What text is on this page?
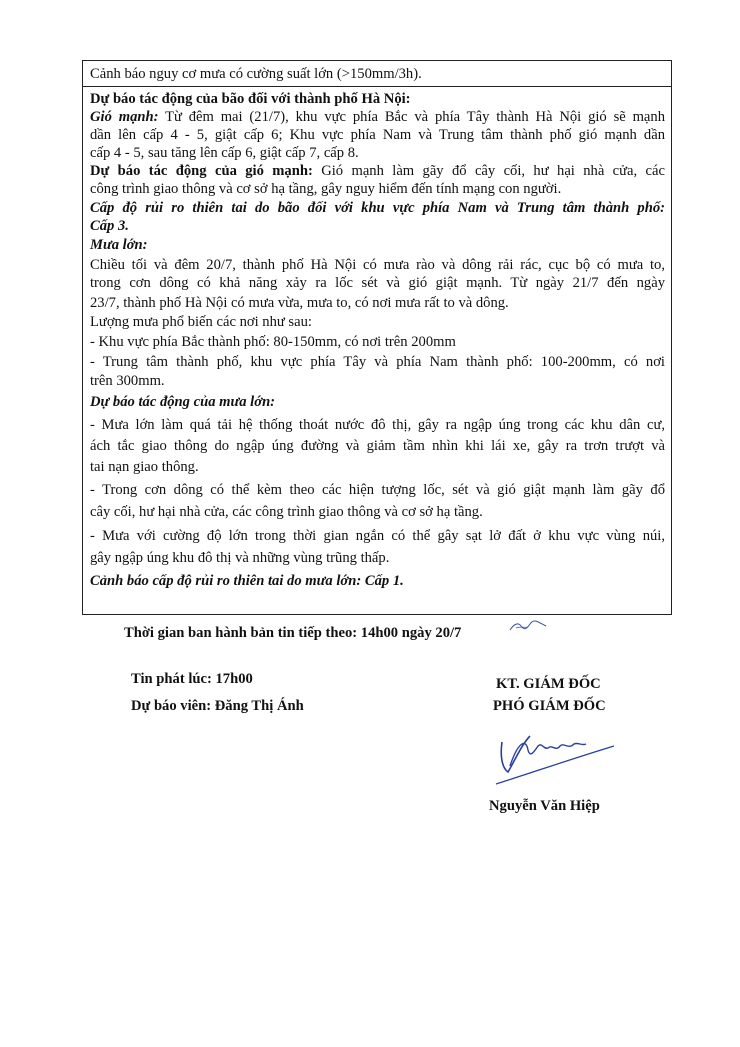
Cảnh báo nguy cơ mưa có cường suất lớn (>150mm/3h).
Dự báo tác động của bão đối với thành phố Hà Nội:
Gió mạnh: Từ đêm mai (21/7), khu vực phía Bắc và phía Tây thành Hà Nội gió sẽ mạnh
dần lên cấp 4 - 5, giật cấp 6; Khu vực phía Nam và Trung tâm thành phố gió mạnh dần
cấp 4 - 5, sau tăng lên cấp 6, giật cấp 7, cấp 8.
Dự báo tác động của gió mạnh: Gió mạnh làm gãy đổ cây cối, hư hại nhà cửa, các
công trình giao thông và cơ sở hạ tầng, gây nguy hiểm đến tính mạng con người.
Cấp độ rủi ro thiên tai do bão đối với khu vực phía Nam và Trung tâm thành phố:
Cấp 3.
Mưa lớn:
Chiều tối và đêm 20/7, thành phố Hà Nội có mưa rào và dông rải rác, cục bộ có mưa to,
trong cơn dông có khả năng xảy ra lốc sét và gió giật mạnh. Từ ngày 21/7 đến ngày
23/7, thành phố Hà Nội có mưa vừa, mưa to, có nơi mưa rất to và dông.
Lượng mưa phổ biến các nơi như sau:
- Khu vực phía Bắc thành phố: 80-150mm, có nơi trên 200mm
- Trung tâm thành phố, khu vực phía Tây và phía Nam thành phố: 100-200mm, có nơi
trên 300mm.
Dự báo tác động của mưa lớn:
- Mưa lớn làm quá tải hệ thống thoát nước đô thị, gây ra ngập úng trong các khu dân cư,
ách tắc giao thông do ngập úng đường và giảm tầm nhìn khi lái xe, gây ra trơn trượt và
tai nạn giao thông.
- Trong cơn dông có thể kèm theo các hiện tượng lốc, sét và gió giật mạnh làm gãy đổ
cây cối, hư hại nhà cửa, các công trình giao thông và cơ sở hạ tầng.
- Mưa với cường độ lớn trong thời gian ngắn có thể gây sạt lở đất ở khu vực vùng núi,
gây ngập úng khu đô thị và những vùng trũng thấp.
Cảnh báo cấp độ rủi ro thiên tai do mưa lớn: Cấp 1.
Thời gian ban hành bản tin tiếp theo: 14h00 ngày 20/7
Tin phát lúc: 17h00
Dự báo viên: Đăng Thị Ánh
KT. GIÁM ĐỐC
PHÓ GIÁM ĐỐC
Nguyễn Văn Hiệp
